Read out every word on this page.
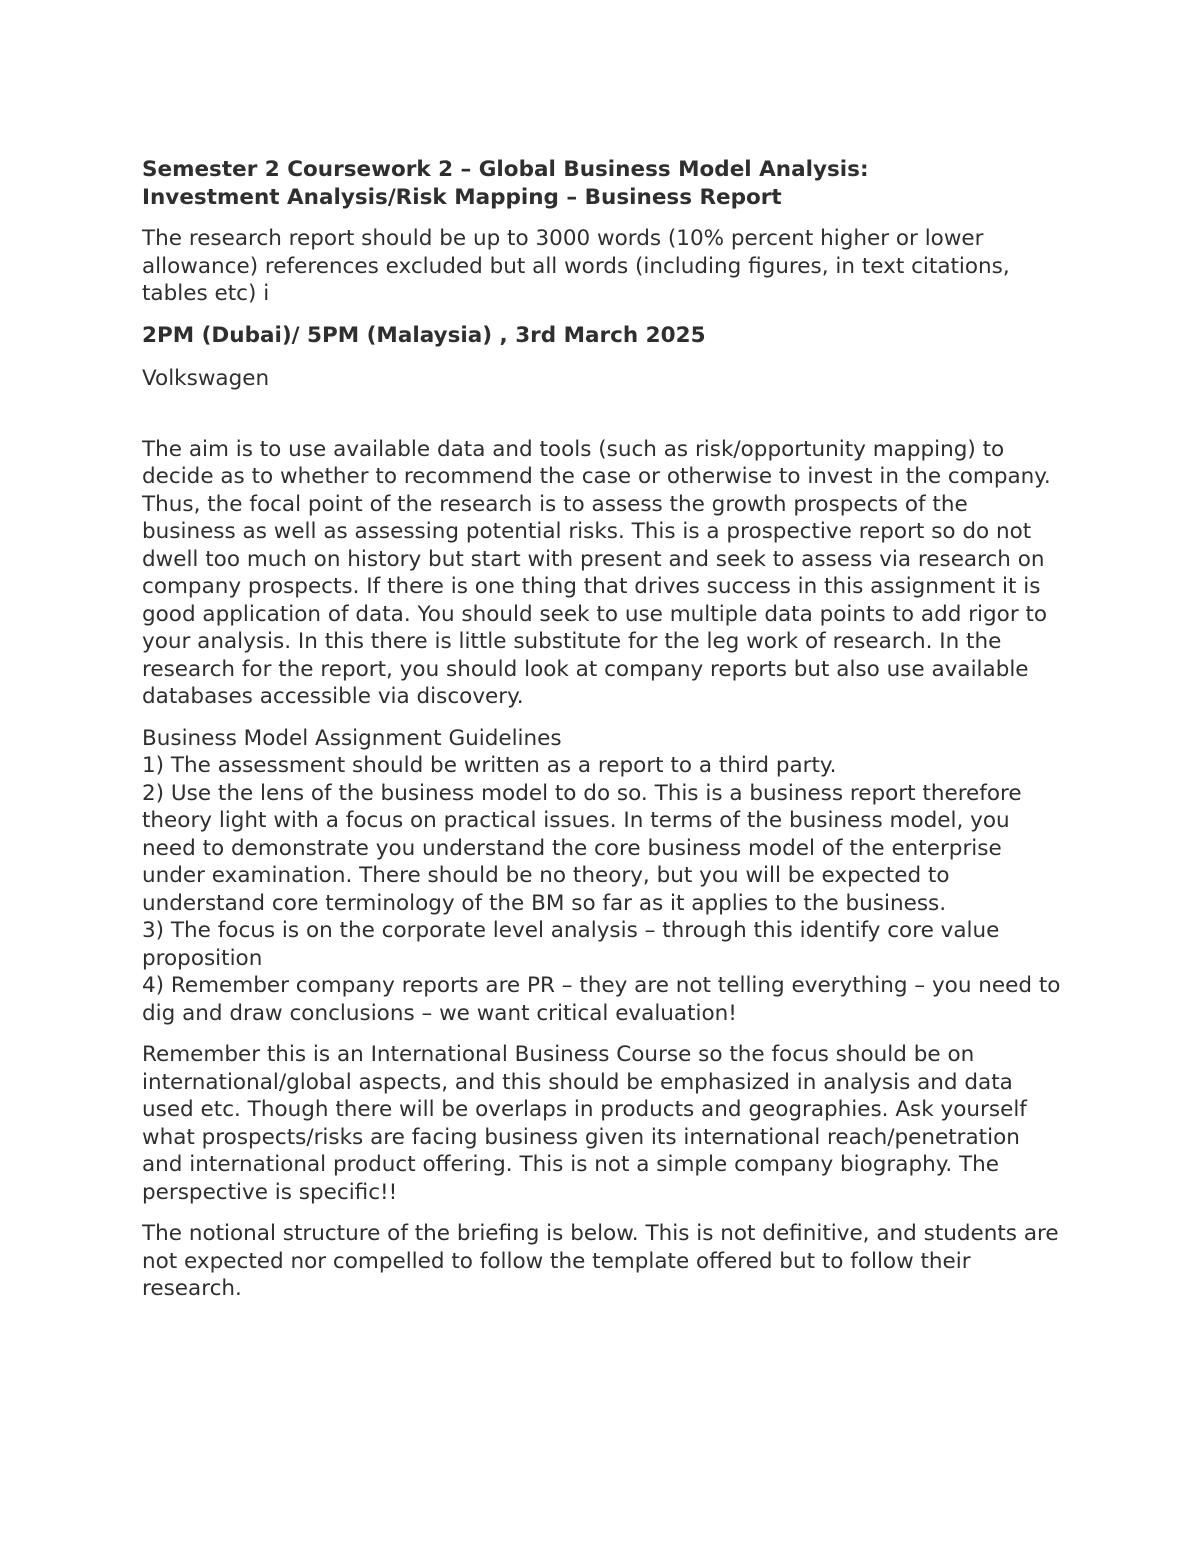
Semester 2 Coursework 2 – Global Business Model Analysis:
Investment Analysis/Risk Mapping – Business Report

The research report should be up to 3000 words (10% percent higher or lower allowance) references excluded but all words (including figures, in text citations, tables etc) i

2PM (Dubai)/ 5PM (Malaysia) , 3rd March 2025
Volkswagen

The aim is to use available data and tools (such as risk/opportunity mapping) to decide as to whether to recommend the case or otherwise to invest in the company. Thus, the focal point of the research is to assess the growth prospects of the business as well as assessing potential risks. This is a prospective report so do not dwell too much on history but start with present and seek to assess via research on company prospects. If there is one thing that drives success in this assignment it is good application of data. You should seek to use multiple data points to add rigor to your analysis. In this there is little substitute for the leg work of research. In the research for the report, you should look at company reports but also use available databases accessible via discovery.

Business Model Assignment Guidelines
1) The assessment should be written as a report to a third party.
2) Use the lens of the business model to do so. This is a business report therefore theory light with a focus on practical issues. In terms of the business model, you need to demonstrate you understand the core business model of the enterprise under examination. There should be no theory, but you will be expected to understand core terminology of the BM so far as it applies to the business.
3) The focus is on the corporate level analysis – through this identify core value proposition
4) Remember company reports are PR – they are not telling everything – you need to dig and draw conclusions – we want critical evaluation!

Remember this is an International Business Course so the focus should be on international/global aspects, and this should be emphasized in analysis and data used etc. Though there will be overlaps in products and geographies. Ask yourself what prospects/risks are facing business given its international reach/penetration and international product offering. This is not a simple company biography. The perspective is specific!!

The notional structure of the briefing is below. This is not definitive, and students are not expected nor compelled to follow the template offered but to follow their research.
